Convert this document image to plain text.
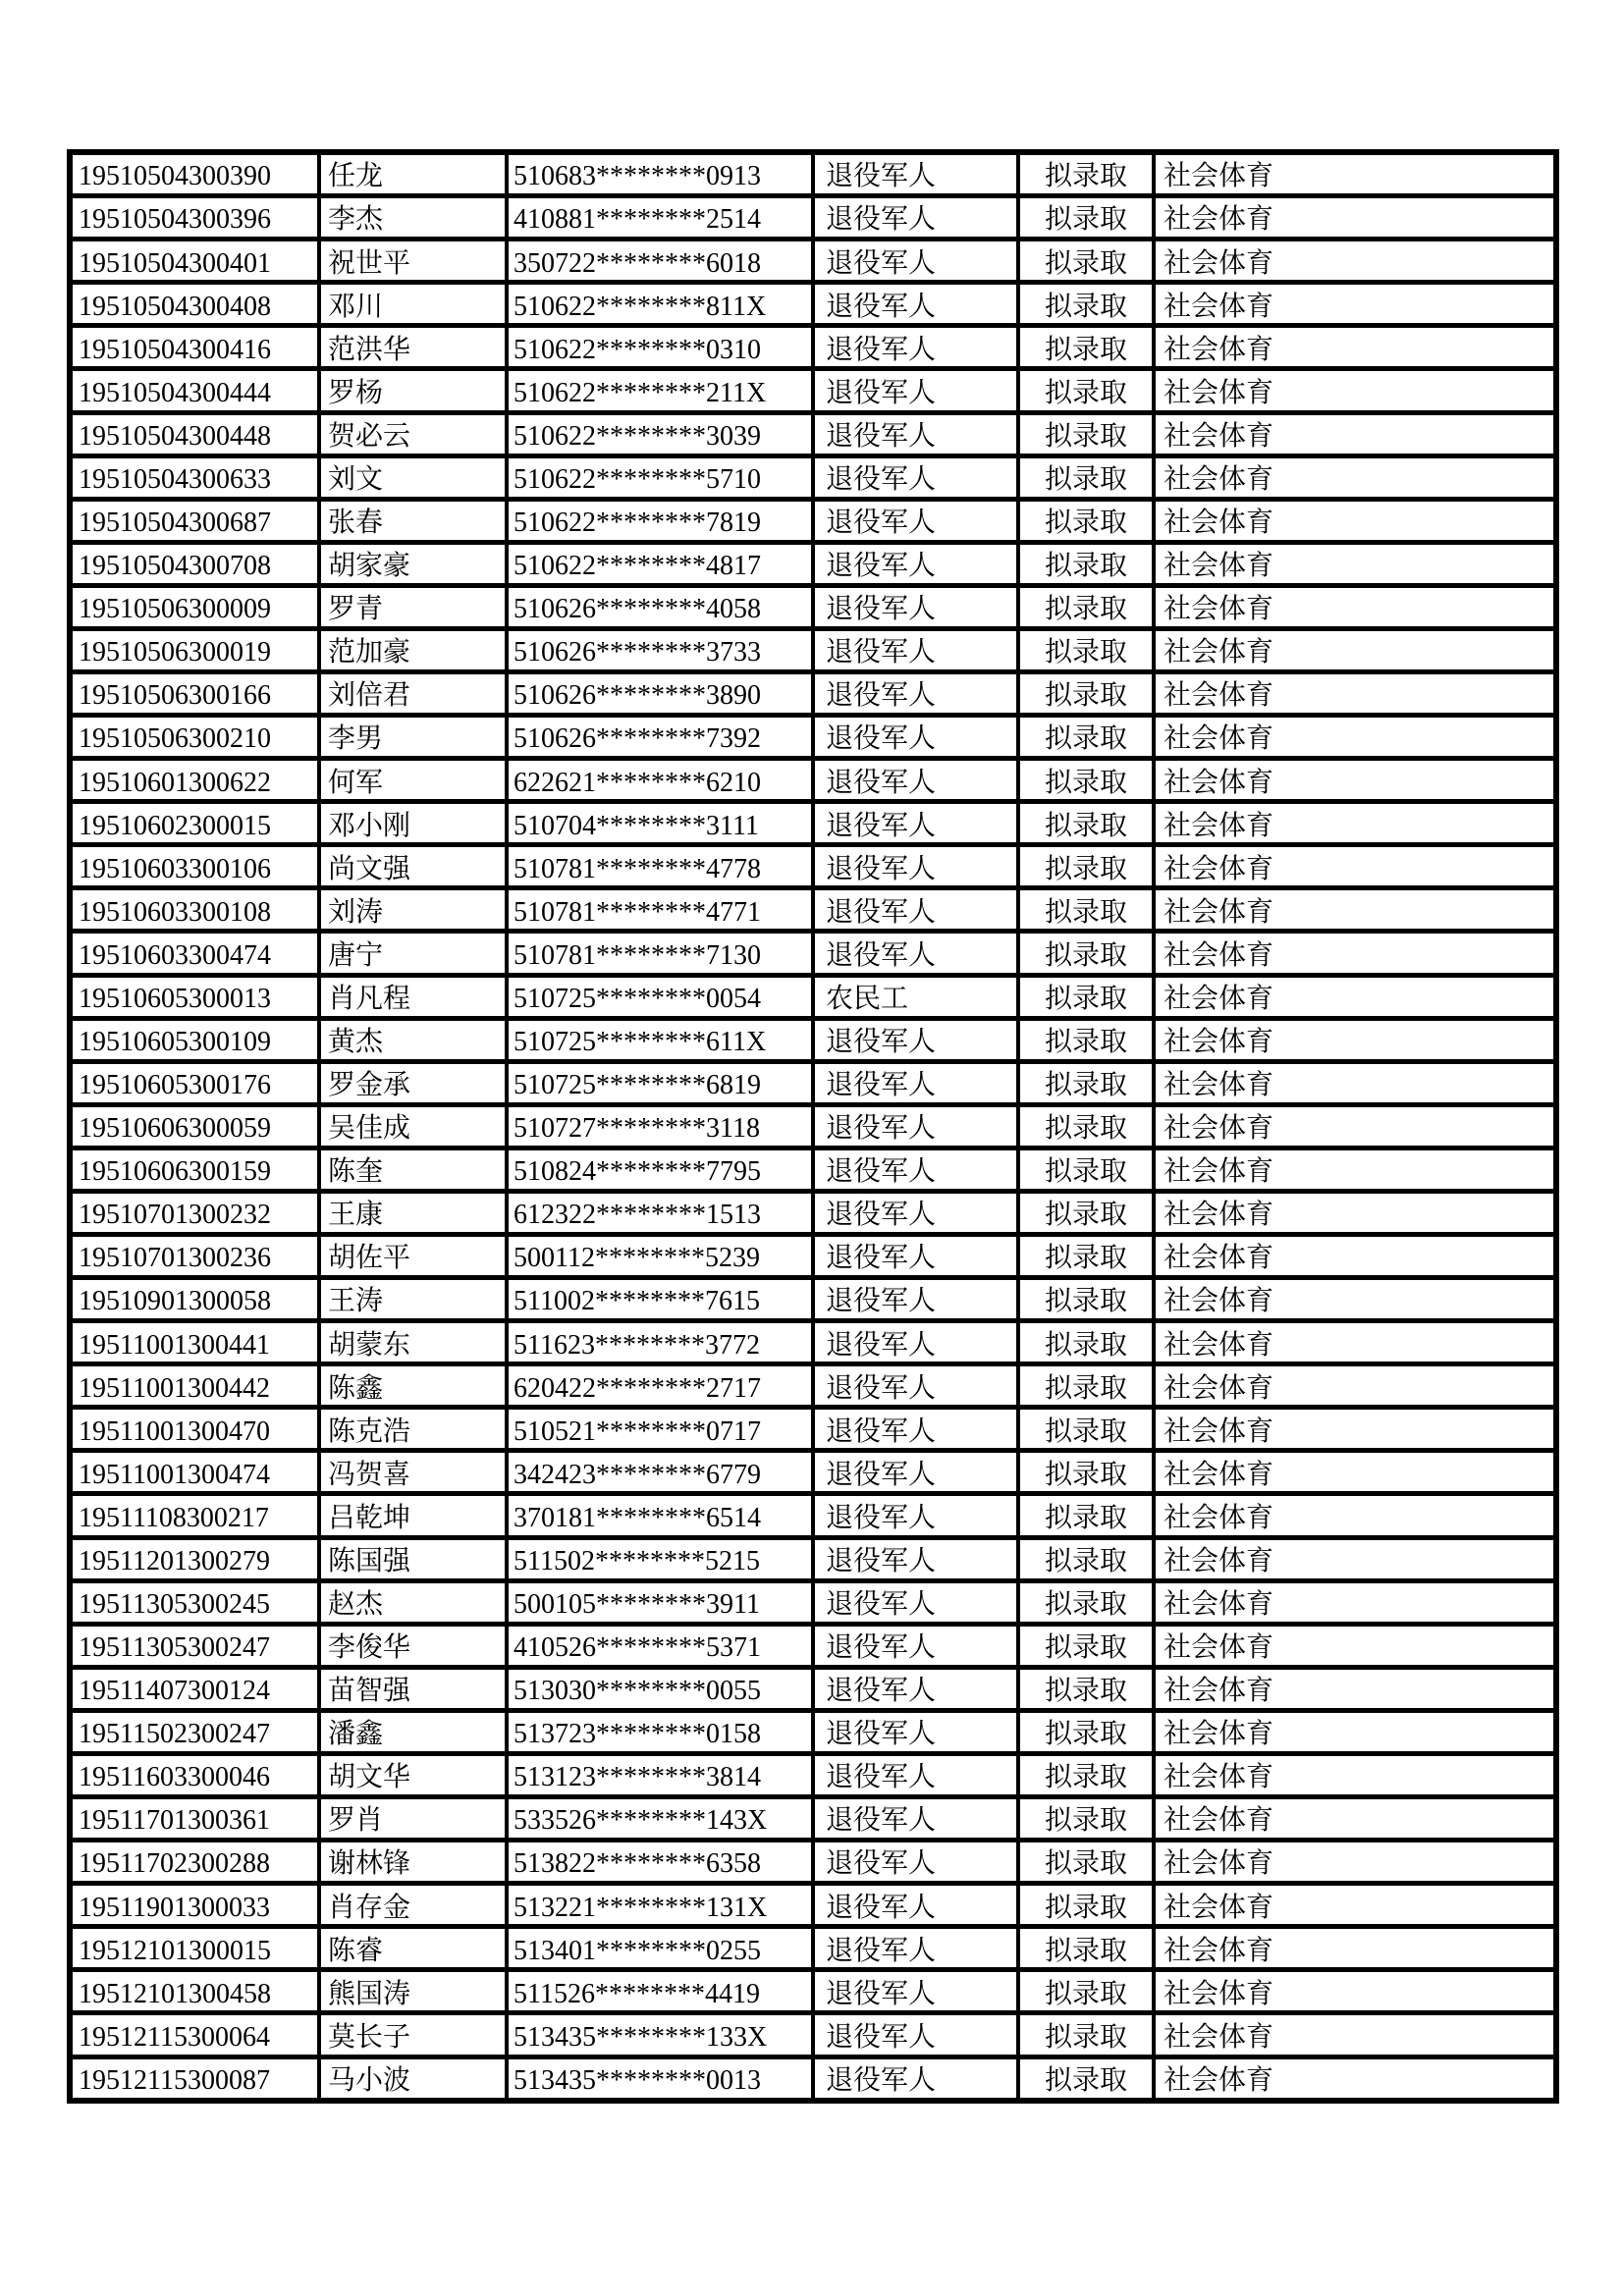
19510504300390	任龙	510683********0913	退役军人	拟录取	社会体育
19510504300396	李杰	410881********2514	退役军人	拟录取	社会体育
19510504300401	祝世平	350722********6018	退役军人	拟录取	社会体育
19510504300408	邓川	510622********811X	退役军人	拟录取	社会体育
19510504300416	范洪华	510622********0310	退役军人	拟录取	社会体育
19510504300444	罗杨	510622********211X	退役军人	拟录取	社会体育
19510504300448	贺必云	510622********3039	退役军人	拟录取	社会体育
19510504300633	刘文	510622********5710	退役军人	拟录取	社会体育
19510504300687	张春	510622********7819	退役军人	拟录取	社会体育
19510504300708	胡家豪	510622********4817	退役军人	拟录取	社会体育
19510506300009	罗青	510626********4058	退役军人	拟录取	社会体育
19510506300019	范加豪	510626********3733	退役军人	拟录取	社会体育
19510506300166	刘倍君	510626********3890	退役军人	拟录取	社会体育
19510506300210	李男	510626********7392	退役军人	拟录取	社会体育
19510601300622	何军	622621********6210	退役军人	拟录取	社会体育
19510602300015	邓小刚	510704********3111	退役军人	拟录取	社会体育
19510603300106	尚文强	510781********4778	退役军人	拟录取	社会体育
19510603300108	刘涛	510781********4771	退役军人	拟录取	社会体育
19510603300474	唐宁	510781********7130	退役军人	拟录取	社会体育
19510605300013	肖凡程	510725********0054	农民工	拟录取	社会体育
19510605300109	黄杰	510725********611X	退役军人	拟录取	社会体育
19510605300176	罗金承	510725********6819	退役军人	拟录取	社会体育
19510606300059	吴佳成	510727********3118	退役军人	拟录取	社会体育
19510606300159	陈奎	510824********7795	退役军人	拟录取	社会体育
19510701300232	王康	612322********1513	退役军人	拟录取	社会体育
19510701300236	胡佐平	500112********5239	退役军人	拟录取	社会体育
19510901300058	王涛	511002********7615	退役军人	拟录取	社会体育
19511001300441	胡蒙东	511623********3772	退役军人	拟录取	社会体育
19511001300442	陈鑫	620422********2717	退役军人	拟录取	社会体育
19511001300470	陈克浩	510521********0717	退役军人	拟录取	社会体育
19511001300474	冯贺喜	342423********6779	退役军人	拟录取	社会体育
19511108300217	吕乾坤	370181********6514	退役军人	拟录取	社会体育
19511201300279	陈国强	511502********5215	退役军人	拟录取	社会体育
19511305300245	赵杰	500105********3911	退役军人	拟录取	社会体育
19511305300247	李俊华	410526********5371	退役军人	拟录取	社会体育
19511407300124	苗智强	513030********0055	退役军人	拟录取	社会体育
19511502300247	潘鑫	513723********0158	退役军人	拟录取	社会体育
19511603300046	胡文华	513123********3814	退役军人	拟录取	社会体育
19511701300361	罗肖	533526********143X	退役军人	拟录取	社会体育
19511702300288	谢林锋	513822********6358	退役军人	拟录取	社会体育
19511901300033	肖存金	513221********131X	退役军人	拟录取	社会体育
19512101300015	陈睿	513401********0255	退役军人	拟录取	社会体育
19512101300458	熊国涛	511526********4419	退役军人	拟录取	社会体育
19512115300064	莫长子	513435********133X	退役军人	拟录取	社会体育
19512115300087	马小波	513435********0013	退役军人	拟录取	社会体育
